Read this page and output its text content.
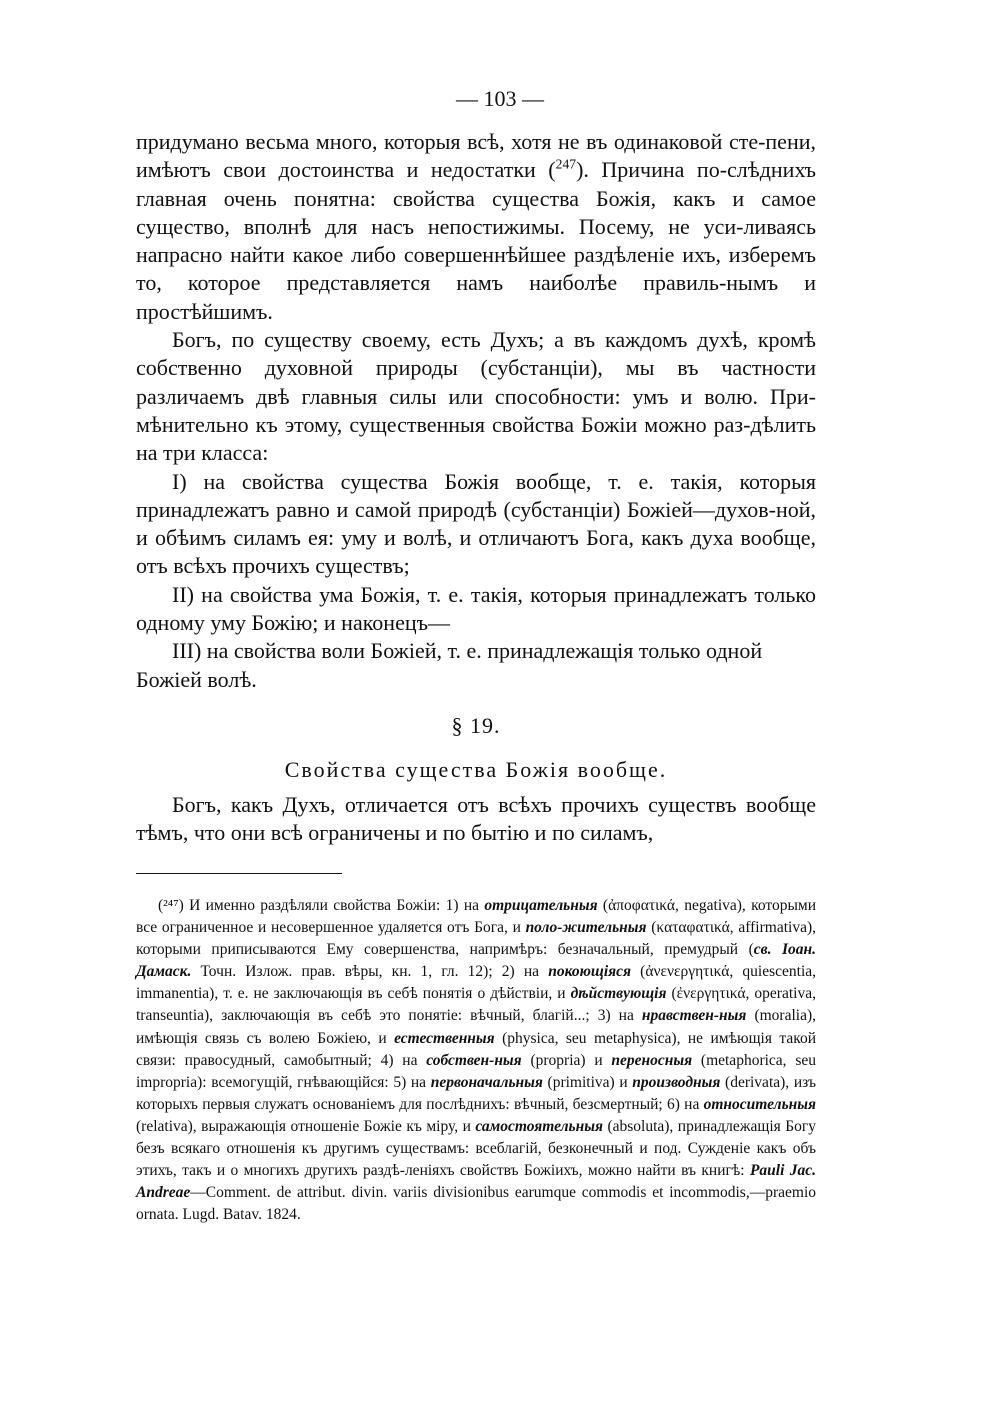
— 103 —

придумано весьма много, которыя всѣ, хотя не въ одинаковой сте-пени, имѣютъ свои достоинства и недостатки ($^{247}$). Причина по-слѣднихъ главная очень понятна: свойства существа Божія, какъ и самое существо, вполнѣ для насъ непостижимы. Посему, не уси-ливаясь напрасно найти какое либо совершеннѣйшее раздѣленіе ихъ, изберемъ то, которое представляется намъ наиболѣе правиль-нымъ и простѣйшимъ.

Богъ, по существу своему, есть Духъ; а въ каждомъ духѣ, кромѣ собственно духовной природы (субстанціи), мы въ частности различаемъ двѣ главныя силы или способности: умъ и волю. При-мѣнительно къ этому, существенныя свойства Божіи можно раз-дѣлить на три класса:

I) на свойства существа Божія вообще, т. е. такія, которыя принадлежатъ равно и самой природѣ (субстанціи) Божіей—духов-ной, и обѣимъ силамъ ея: уму и волѣ, и отличаютъ Бога, какъ духа вообще, отъ всѣхъ прочихъ существъ;

II) на свойства ума Божія, т. е. такія, которыя принадлежатъ только одному уму Божію; и наконецъ—

III) на свойства воли Божіей, т. е. принадлежащія только одной Божіей волѣ.

§ 19.
Свойства существа Божія вообще.

Богъ, какъ Духъ, отличается отъ всѣхъ прочихъ существъ вообще тѣмъ, что они всѣ ограничены и по бытію и по силамъ,

(²⁴⁷) И именно раздѣляли свойства Божіи: 1) на отрицательныя (ἀποφατικά, negativa), которыми все ограниченное и несовершенное удаляется отъ Бога, и поло-жительныя (καταφατικά, affirmativa), которыми приписываются Ему совершенства, напримѣръ: безначальный, премудрый (св. Іоан. Дамаск. Точн. Излож. прав. вѣры, кн. 1, гл. 12); 2) на покоющіяся (ἀνενεργητικά, quiescentia, immanentia), т. е. не заключающія въ себѣ понятія о дѣйствіи, и дѣйствующія (ἐνεργητικά, operativa, transeuntia), заключающія въ себѣ это понятіе: вѣчный, благій...; 3) на нравствен-ныя (moralia), имѣющія связь съ волею Божіею, и естественныя (physica, seu metaphysica), не имѣющія такой связи: правосудный, самобытный; 4) на собствен-ныя (propria) и переносныя (metaphorica, seu improprіa): всемогущій, гнѣвающійся: 5) на первоначальныя (primitiva) и производныя (derivata), изъ которыхъ первыя служатъ основаніемъ для послѣднихъ: вѣчный, безсмертный; 6) на относительныя (relativa), выражающія отношеніе Божіе къ міру, и самостоятельныя (absoluta), принадлежащія Богу безъ всякаго отношенія къ другимъ существамъ: всеблагій, безконечный и под. Сужденіе какъ объ этихъ, такъ и о многихъ другихъ раздѣ-леніяхъ свойствъ Божіихъ, можно найти въ книгѣ: Pauli Jac. Andreae—Comment. de attribut. divin. variis divisionibus earumque commodis et incommodis,—praemio ornata. Lugd. Batav. 1824.
